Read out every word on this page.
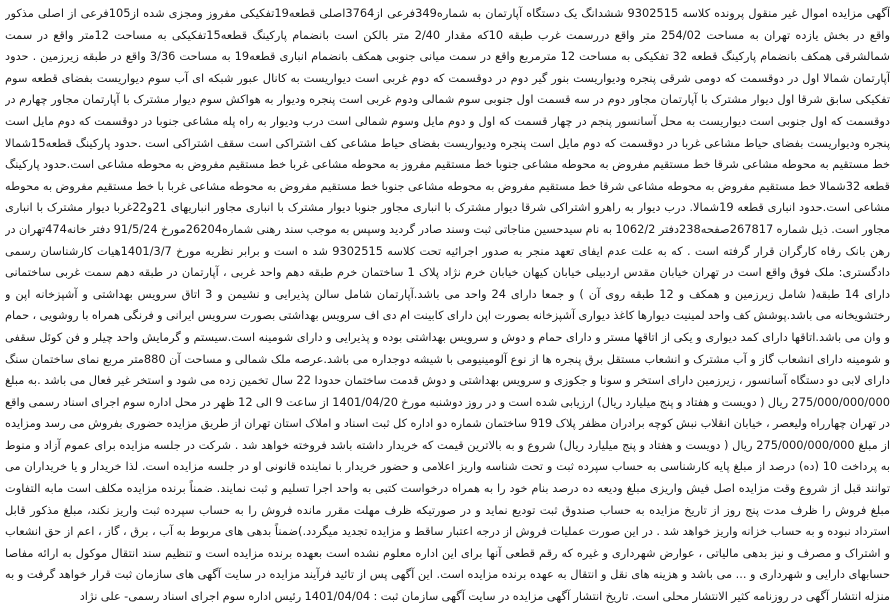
آگهی مزایده اموال غیر منقول پرونده کلاسه 9302515 ششدانگ یک دستگاه آپارتمان به شماره349فرعی از3764اصلی قطعه19تفکیکی مفروز ومجزی شده از105فرعی از اصلی مذکور واقع در بخش یازده تهران به مساحت 254/02 متر واقع دررسمت غرب طبقه 10که مقدار 2/40 متر بالکن است بانضمام پارکینگ قطعه15تفکیکی به مساحت 12متر واقع در سمت شمالشرقی همکف بانضمام پارکینگ قطعه 32 تفکیکی به مساحت 12 مترمربع واقع در سمت میانی جنوبی همکف بانضمام انباری قطعه19 به مساحت 3/36 واقع در طبقه زیرزمین . حدود آپارتمان شمالا اول در دوقسمت که دومی شرقی پنجره ودیواریست بنور گیر دوم در دوقسمت که دوم غربی است دیواریست به کانال عبور شبکه ای آب سوم دیواریست بفضای قطعه سوم تفکیکی سابق شرقا اول دیوار مشترک با آپارتمان مجاور دوم در سه قسمت اول جنوبی سوم شمالی ودوم غربی است پنجره ودیوار به هواکش سوم دیوار مشترک با آپارتمان مجاور چهارم در دوقسمت که اول جنوبی است دیواریست به محل آسانسور پنجم در چهار قسمت که اول و دوم مایل وسوم شمالی است درب ودیوار به راه پله مشاعی جنوبا در دوقسمت که دوم مایل است پنجره ودیواریست بفضای حیاط مشاعی غربا در دوقسمت که دوم مایل است پنجره ودیواریست بفضای حیاط مشاعی کف اشتراکی است سقف اشتراکی است .حدود پارکینگ قطعه15شمالا خط مستقیم به محوطه مشاعی شرقا خط مستقیم مفروض به محوطه مشاعی جنوبا خط مستقیم مفروز به محوطه مشاعی غربا خط مستقیم مفروض به محوطه مشاعی است.حدود پارکینگ قطعه 32شمالا خط مستقیم مفروض به محوطه مشاعی شرقا خط مستقیم مفروض به محوطه مشاعی جنوبا خط مستقیم مفروض به محوطه مشاعی غربا با خط مستقیم مفروض به محوطه مشاعی است.حدود انباری قطعه 19شمالا. درب دیوار به راهرو اشتراکی شرقا دیوار مشترک با انباری مجاور جنوبا دیوار مشترک با انباری مجاور انباریهای 21و22غربا دیوار مشترک با انباری مجاور است. ذیل شماره 267817صفحه238دفتر 1062/2 به نام سیدحسین مناجاتی ثبت وسند صادر گردید وسپس به موجب سند رهنی شماره26204مورخ 91/5/24 دفتر خانه474تهران در رهن بانک رفاه کارگران قرار گرفته است . که به علت عدم ایفای تعهد منجر به صدور اجرائیه تحت کلاسه 9302515 شد ه است و برابر نظریه مورخ 1401/3/7هیات کارشناسان رسمی دادگستری: ملک فوق واقع است در تهران خیابان مقدس اردبیلی خیابان کیهان خیابان خرم نژاد پلاک 1 ساختمان خرم طبقه دهم واحد غربی ، آپارتمان در طبقه دهم سمت غربی ساختمانی دارای 14 طبقه( شامل زیرزمین و همکف و 12 طبقه روی آن ) و جمعا دارای 24 واحد می باشد.آپارتمان شامل سالن پذیرایی و نشیمن و 3 اتاق سرویس بهداشتی و آشپزخانه اپن و رختشویخانه می باشد.پوشش کف واحد لمینیت دیوارها کاغذ دیواری آشپزخانه بصورت اپن دارای کابینت ام دی اف سرویس بهداشتی بصورت سرویس ایرانی و فرنگی همراه با روشویی ، حمام و وان می باشد.اتاقها دارای کمد دیواری و یکی از اتاقها مستر و دارای حمام و دوش و سرویس بهداشتی بوده و پذیرایی و دارای شومینه است.سیستم و گرمایش واحد چیلر و فن کوئل سقفی و شومینه دارای انشعاب گاز و آب مشترک و انشعاب مستقل برق پنجره ها از نوع آلومینیومی با شیشه دوجداره می باشد.عرصه ملک شمالی و مساحت آن 880متر مربع نمای ساختمان سنگ دارای لابی دو دستگاه آسانسور ، زیرزمین دارای استخر و سونا و جکوزی و سرویس بهداشتی و دوش قدمت ساختمان حدودا 22 سال تخمین زده می شود و استخر غیر فعال می باشد .به مبلغ 275/000/000/000 ریال ( دویست و هفتاد و پنج میلیارد ریال) ارزیابی شده است و در روز دوشنبه مورخ 1401/04/20 از ساعت 9 الی 12 ظهر در محل اداره سوم اجرای اسناد رسمی واقع در تهران چهارراه ولیعصر ، خیابان انقلاب نبش کوچه برادران مظفر پلاک 919 ساختمان شماره دو اداره کل ثبت اسناد و املاک استان تهران از طریق مزایده حضوری بفروش می رسد ومزایده از مبلغ 275/000/000/000 ریال ( دویست و هفتاد و پنج میلیارد ریال) شروع و به بالاترین قیمت که خریدار داشته باشد فروخته خواهد شد . شرکت در جلسه مزایده برای عموم آزاد و منوط به پرداخت 10 (ده) درصد از مبلغ پایه کارشناسی به حساب سپرده ثبت و تحت شناسه واریز اعلامی و حضور خریدار با نماینده قانونی او در جلسه مزایده است. لذا خریدار و یا خریداران می توانند قبل از شروع وقت مزایده اصل فیش واریزی مبلغ ودیعه ده درصد بنام خود را به همراه درخواست کتبی به واحد اجرا تسلیم و ثبت نمایند. ضمناً برنده مزایده مکلف است مابه التفاوت مبلغ فروش را ظرف مدت پنج روز از تاریخ مزایده به حساب صندوق ثبت تودیع نماید و در صورتیکه ظرف مهلت مقرر مانده فروش را به حساب سپرده ثبت واریز نکند، مبلغ مذکور قابل استرداد نبوده و به حساب خزانه واریز خواهد شد . در این صورت عملیات فروش از درجه اعتبار ساقط و مزایده تجدید میگردد.)ضمناً بدهی های مربوط به آب ، برق ، گاز ، اعم از حق انشعاب و اشتراک و مصرف و نیز بدهی مالیاتی ، عوارض شهرداری و غیره که رقم قطعی آنها برای این اداره معلوم نشده است بعهده برنده مزایده است و تنظیم سند انتقال موکول به ارائه مفاصا حسابهای دارایی و شهرداری و ... می باشد و هزینه های نقل و انتقال به عهده برنده مزایده است. این آگهی پس از تائید فرآیند مزایده در سایت آگهی های سازمان ثبت قرار خواهد گرفت و به منزله انتشار آگهی در روزنامه کثیر الانتشار محلی است. تاریخ انتشار آگهی مزایده در سایت آگهی سازمان ثبت : 1401/04/04 رئیس اداره سوم اجرای اسناد رسمی- علی نژاد
